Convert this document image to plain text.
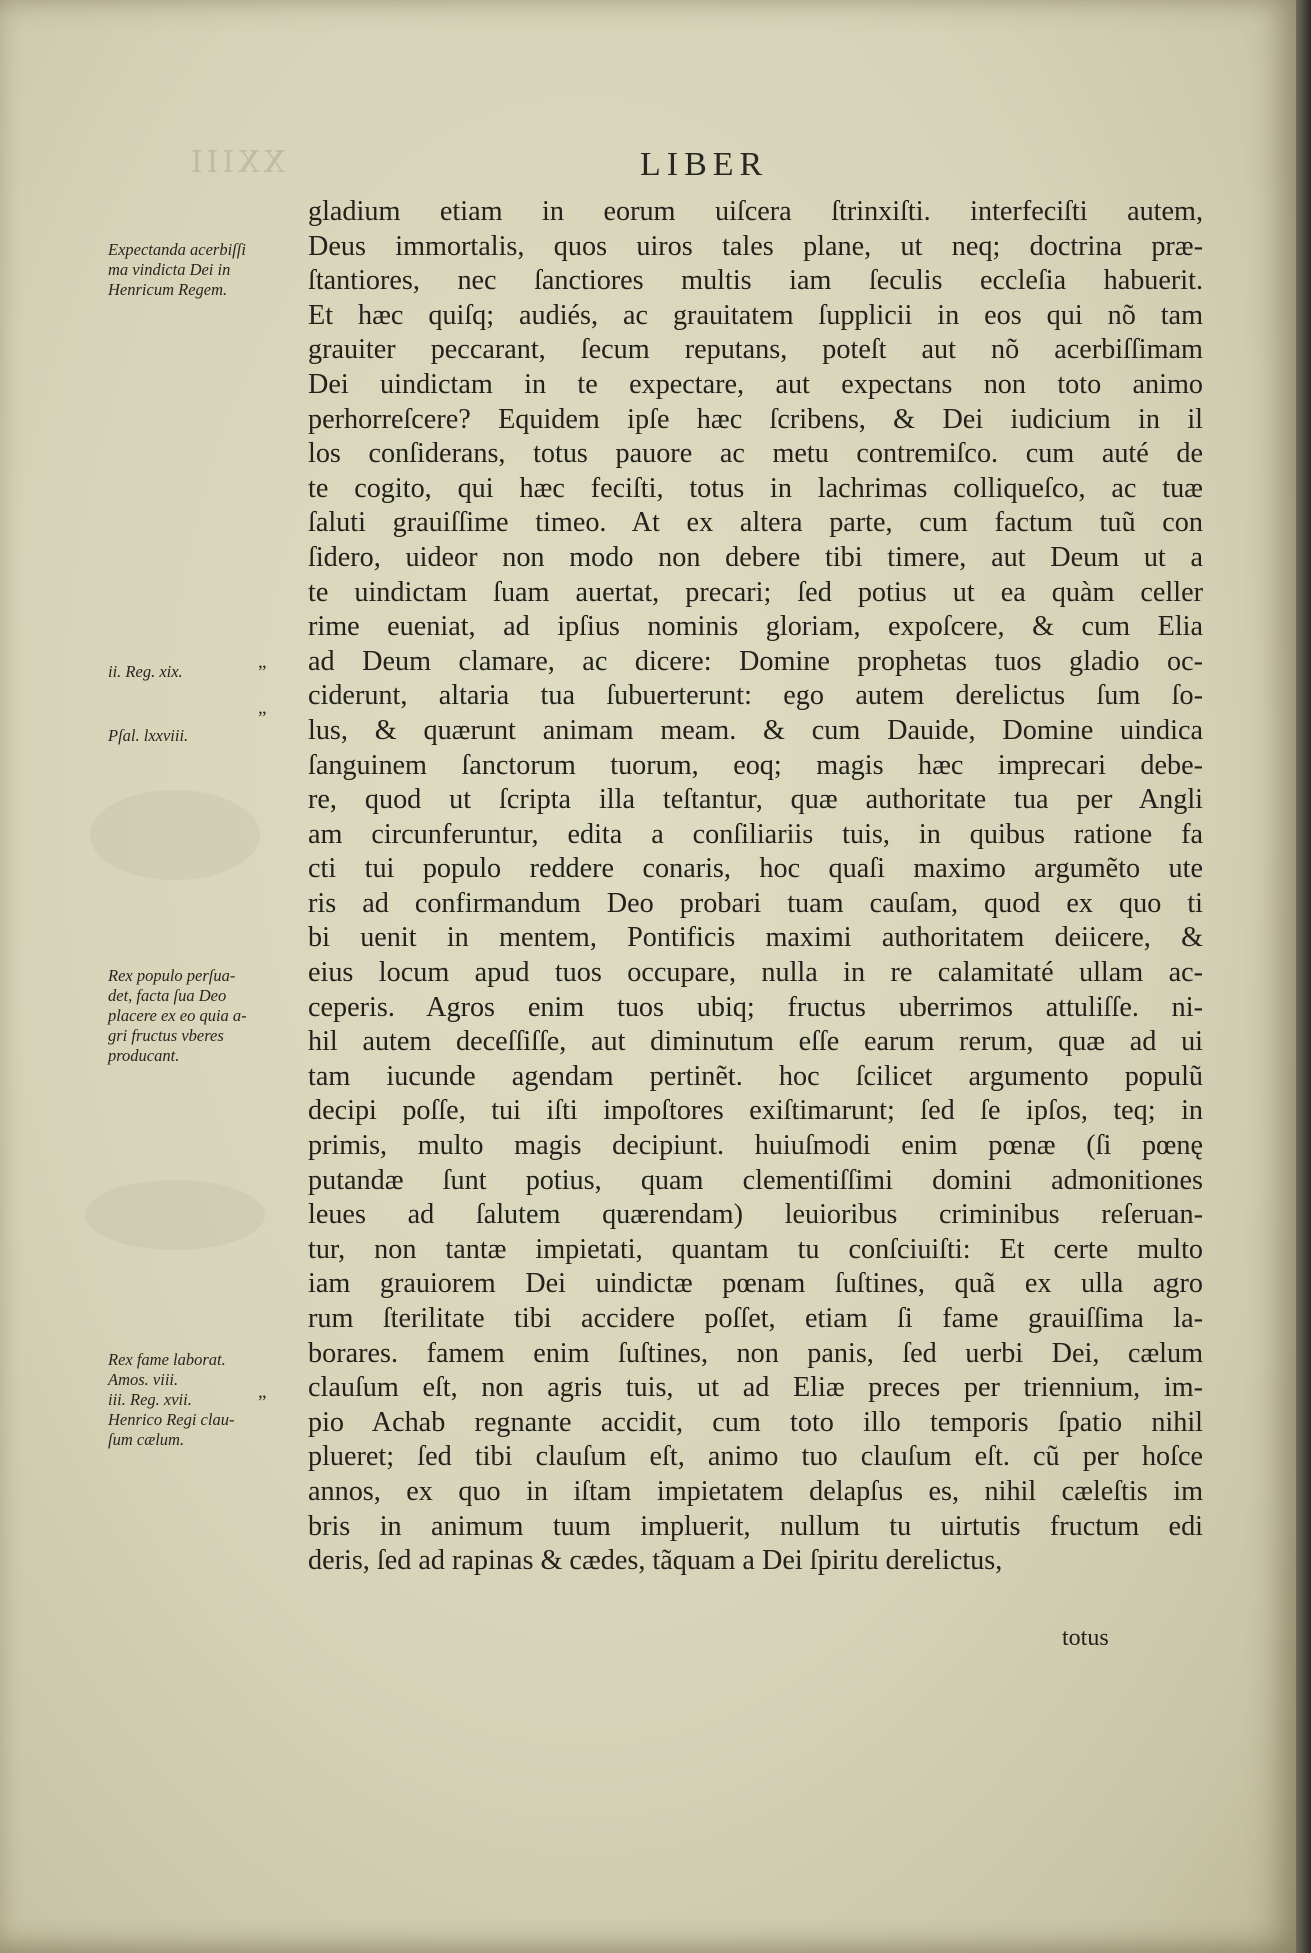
XXIII	LIBER
gladium etiam in eorum uiſcera ſtrinxiſti. interfeciſti autem,
Deus immortalis, quos uiros tales plane, ut neq; doctrina præ-
ſtantiores, nec ſanctiores multis iam ſeculis eccleſia habuerit.
Et hæc quiſq; audiés, ac grauitatem ſupplicii in eos qui nõ tam
grauiter peccarant, ſecum reputans, poteſt aut nõ acerbiſſimam
Dei uindictam in te expectare, aut expectans non toto animo
perhorreſcere? Equidem ipſe hæc ſcribens, & Dei iudicium in il
los conſiderans, totus pauore ac metu contremiſco. cum auté de
te cogito, qui hæc feciſti, totus in lachrimas colliqueſco, ac tuæ
ſaluti grauiſſime timeo. At ex altera parte, cum factum tuũ con
ſidero, uideor non modo non debere tibi timere, aut Deum ut a
te uindictam ſuam auertat, precari; ſed potius ut ea quàm celler
rime eueniat, ad ipſius nominis gloriam, expoſcere, & cum Elia
ad Deum clamare, ac dicere: Domine prophetas tuos gladio oc-
ciderunt, altaria tua ſubuerterunt: ego autem derelictus ſum ſo-
lus, & quærunt animam meam. & cum Dauide, Domine uindica
ſanguinem ſanctorum tuorum, eoq; magis hæc imprecari debe-
re, quod ut ſcripta illa teſtantur, quæ authoritate tua per Angli
am circunferuntur, edita a conſiliariis tuis, in quibus ratione fa
cti tui populo reddere conaris, hoc quaſi maximo argumẽto ute
ris ad confirmandum Deo probari tuam cauſam, quod ex quo ti
bi uenit in mentem, Pontificis maximi authoritatem deiicere, &
eius locum apud tuos occupare, nulla in re calamitaté ullam ac-
ceperis. Agros enim tuos ubiq; fructus uberrimos attuliſſe. ni-
hil autem deceſſiſſe, aut diminutum eſſe earum rerum, quæ ad ui
tam iucunde agendam pertinẽt. hoc ſcilicet argumento populũ
decipi poſſe, tui iſti impoſtores exiſtimarunt; ſed ſe ipſos, teq; in
primis, multo magis decipiunt. huiuſmodi enim pœnæ (ſi pœnę
putandæ ſunt potius, quam clementiſſimi domini admonitiones
leues ad ſalutem quærendam) leuioribus criminibus reſeruan-
tur, non tantæ impietati, quantam tu conſciuiſti: Et certe multo
iam grauiorem Dei uindictæ pœnam ſuſtines, quã ex ulla agro
rum ſterilitate tibi accidere poſſet, etiam ſi fame grauiſſima la-
borares. famem enim ſuſtines, non panis, ſed uerbi Dei, cælum
clauſum eſt, non agris tuis, ut ad Eliæ preces per triennium, im-
pio Achab regnante accidit, cum toto illo temporis ſpatio nihil
plueret; ſed tibi clauſum eſt, animo tuo clauſum eſt. cũ per hoſce
annos, ex quo in iſtam impietatem delapſus es, nihil cæleſtis im
bris in animum tuum impluerit, nullum tu uirtutis fructum edi
deris, ſed ad rapinas & cædes, tãquam a Dei ſpiritu derelictus,
totus
Expectanda acerbiſſi
ma vindicta Dei in
Henricum Regem.
ii. Reg. xix.	”
Pſal. lxxviii.
”
Rex populo perſua-
det, facta ſua Deo
placere ex eo quia a-
gri fructus vberes
producant.
Rex fame laborat.
Amos. viii.
iii. Reg. xvii.
Henrico Regi clau-
ſum cælum.
”
